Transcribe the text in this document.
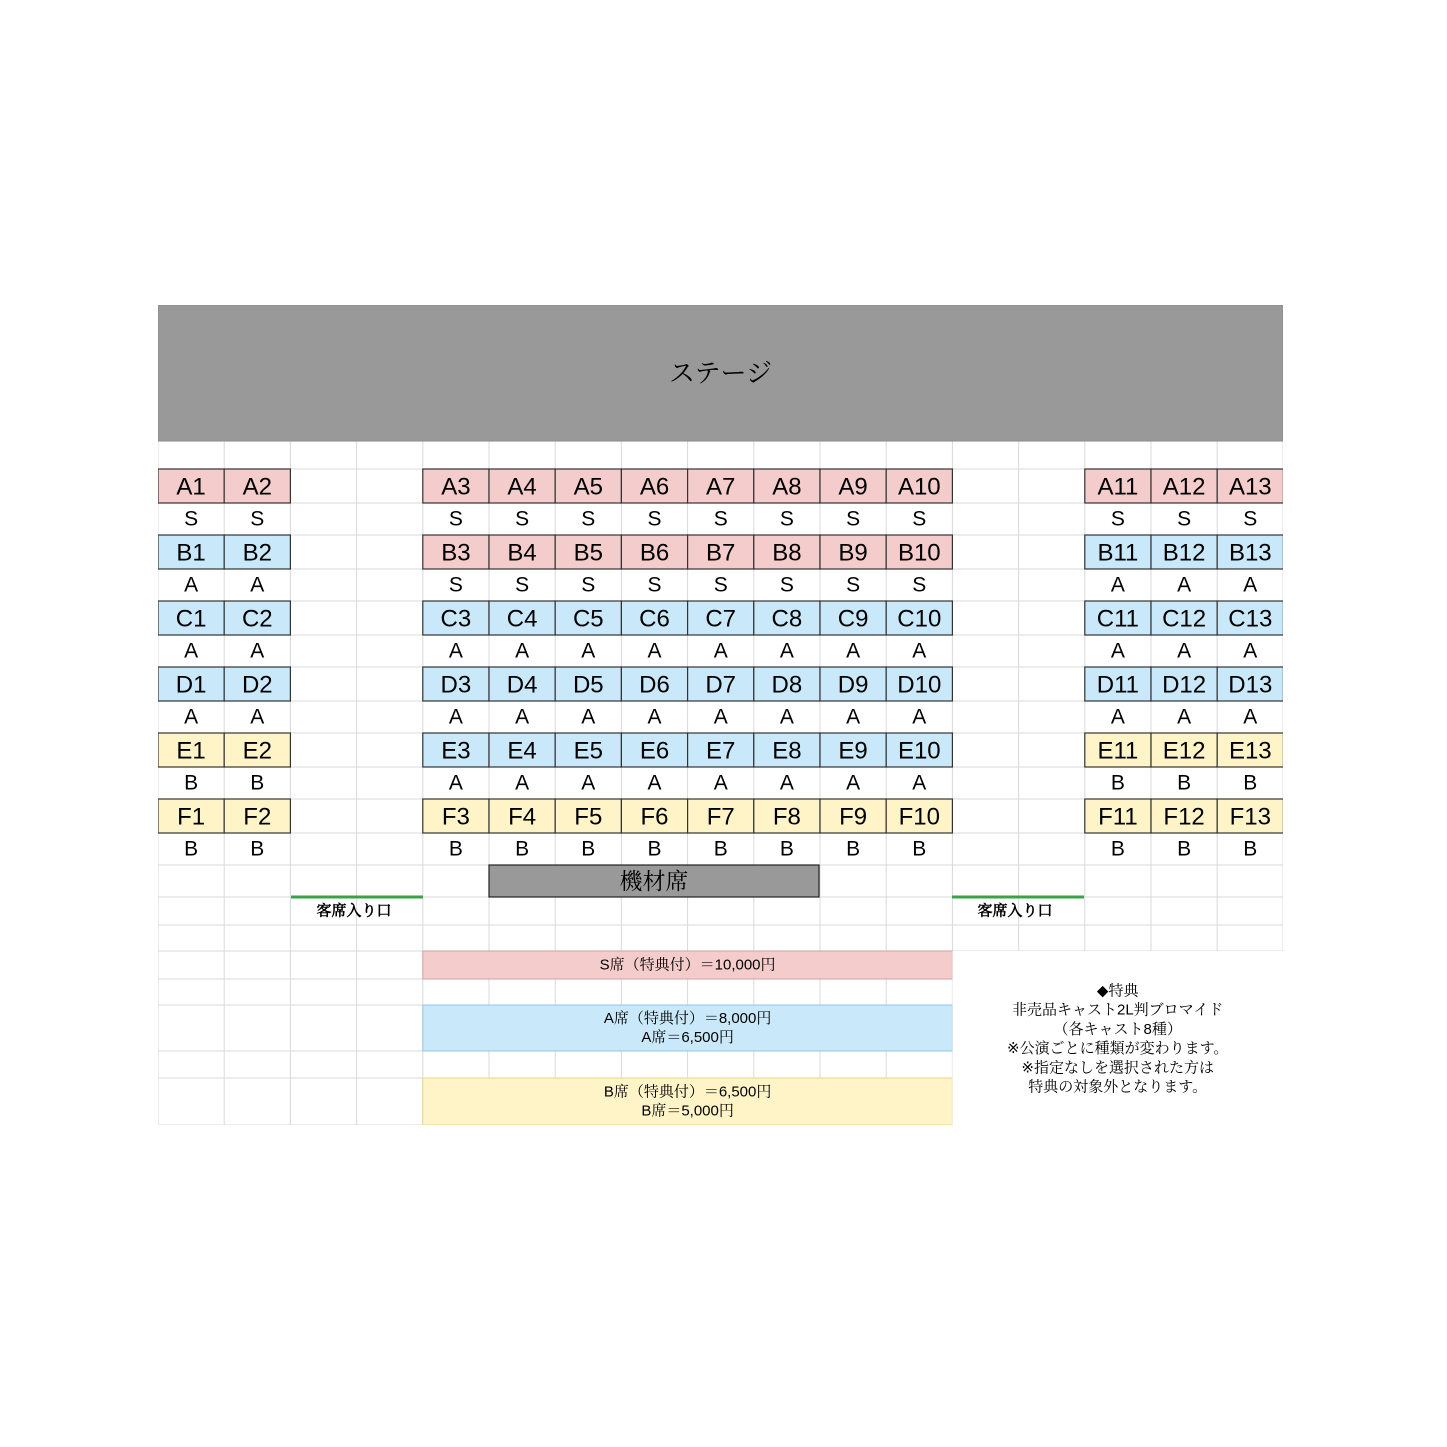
ステージ
A1
S
A2
S
A3
S
A4
S
A5
S
A6
S
A7
S
A8
S
A9
S
A10
S
A11
S
A12
S
A13
S
B1
A
B2
A
B3
S
B4
S
B5
S
B6
S
B7
S
B8
S
B9
S
B10
S
B11
A
B12
A
B13
A
C1
A
C2
A
C3
A
C4
A
C5
A
C6
A
C7
A
C8
A
C9
A
C10
A
C11
A
C12
A
C13
A
D1
A
D2
A
D3
A
D4
A
D5
A
D6
A
D7
A
D8
A
D9
A
D10
A
D11
A
D12
A
D13
A
E1
B
E2
B
E3
A
E4
A
E5
A
E6
A
E7
A
E8
A
E9
A
E10
A
E11
B
E12
B
E13
B
F1
B
F2
B
F3
B
F4
B
F5
B
F6
B
F7
B
F8
B
F9
B
F10
B
F11
B
F12
B
F13
B
機材席
客席入り口	客席入り口
S席（特典付）＝10,000円
A席（特典付）＝8,000円
A席＝6,500円
B席（特典付）＝6,500円
B席＝5,000円
◆特典
非売品キャスト2L判ブロマイド
（各キャスト8種）
※公演ごとに種類が変わります。
※指定なしを選択された方は
特典の対象外となります。
